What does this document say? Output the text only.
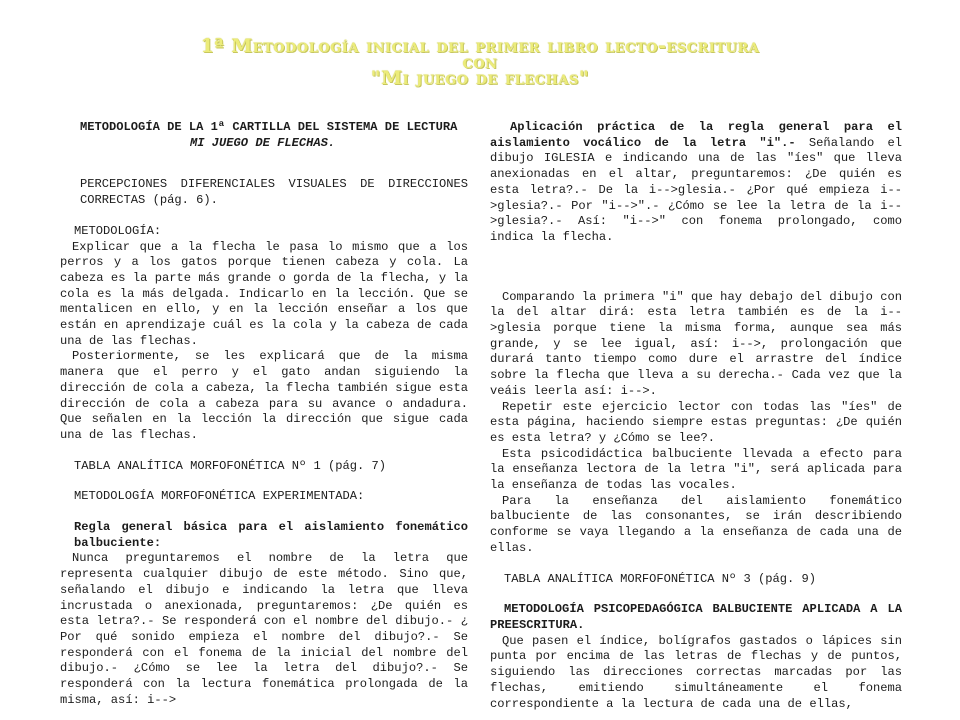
1ª Metodología inicial del primer libro lecto-escritura
con
"Mi juego de flechas"

METODOLOGÍA DE LA 1ª CARTILLA DEL SISTEMA DE LECTURA

MI JUEGO DE FLECHAS.

PERCEPCIONES DIFERENCIALES VISUALES DE DIRECCIONES CORRECTAS (pág. 6).

METODOLOGÍA:

Explicar que a la flecha le pasa lo mismo que a los perros y a los gatos porque tienen cabeza y cola. La cabeza es la parte más grande o gorda de la flecha, y la cola es la más delgada. Indicarlo en la lección. Que se mentalicen en ello, y en la lección enseñar a los que están en aprendizaje cuál es la cola y la cabeza de cada una de las flechas.

Posteriormente, se les explicará que de la misma manera que el perro y el gato andan siguiendo la dirección de cola a cabeza, la flecha también sigue esta dirección de cola a cabeza para su avance o andadura. Que señalen en la lección la dirección que sigue cada una de las flechas.

TABLA ANALÍTICA MORFOFONÉTICA Nº 1 (pág. 7)

METODOLOGÍA MORFOFONÉTICA EXPERIMENTADA:

Regla general básica para el aislamiento fonemático balbuciente:

Nunca preguntaremos el nombre de la letra que representa cualquier dibujo de este método. Sino que, señalando el dibujo e indicando la letra que lleva incrustada o anexionada, preguntaremos: ¿De quién es esta letra?.- Se responderá con el nombre del dibujo.- ¿ Por qué sonido empieza el nombre del dibujo?.- Se responderá con el fonema de la inicial del nombre del dibujo.- ¿Cómo se lee la letra del dibujo?.- Se responderá con la lectura fonemática prolongada de la misma, así: i-->

Aplicación práctica de la regla general para el aislamiento vocálico de la letra "i".- Señalando el dibujo IGLESIA e indicando una de las "íes" que lleva anexionadas en el altar, preguntaremos: ¿De quién es esta letra?.- De la i-->glesia.- ¿Por qué empieza i-->glesia?.- Por "i-->".- ¿Cómo se lee la letra de la i-->glesia?.- Así: "i-->" con fonema prolongado, como indica la flecha.

Comparando la primera "i" que hay debajo del dibujo con la del altar dirá: esta letra también es de la i-->glesia porque tiene la misma forma, aunque sea más grande, y se lee igual, así: i-->, prolongación que durará tanto tiempo como dure el arrastre del índice sobre la flecha que lleva a su derecha.- Cada vez que la veáis leerla así: i-->.

Repetir este ejercicio lector con todas las "íes" de esta página, haciendo siempre estas preguntas: ¿De quién es esta letra? y ¿Cómo se lee?.

Esta psicodidáctica balbuciente llevada a efecto para la enseñanza lectora de la letra "i", será aplicada para la enseñanza de todas las vocales.

Para la enseñanza del aislamiento fonemático balbuciente de las consonantes, se irán describiendo conforme se vaya llegando a la enseñanza de cada una de ellas.

TABLA ANALÍTICA MORFOFONÉTICA Nº 3 (pág. 9)

METODOLOGÍA PSICOPEDAGÓGICA BALBUCIENTE APLICADA A LA PREESCRITURA.

Que pasen el índice, bolígrafos gastados o lápices sin punta por encima de las letras de flechas y de puntos, siguiendo las direcciones correctas marcadas por las flechas, emitiendo simultáneamente el fonema correspondiente a la lectura de cada una de ellas,
